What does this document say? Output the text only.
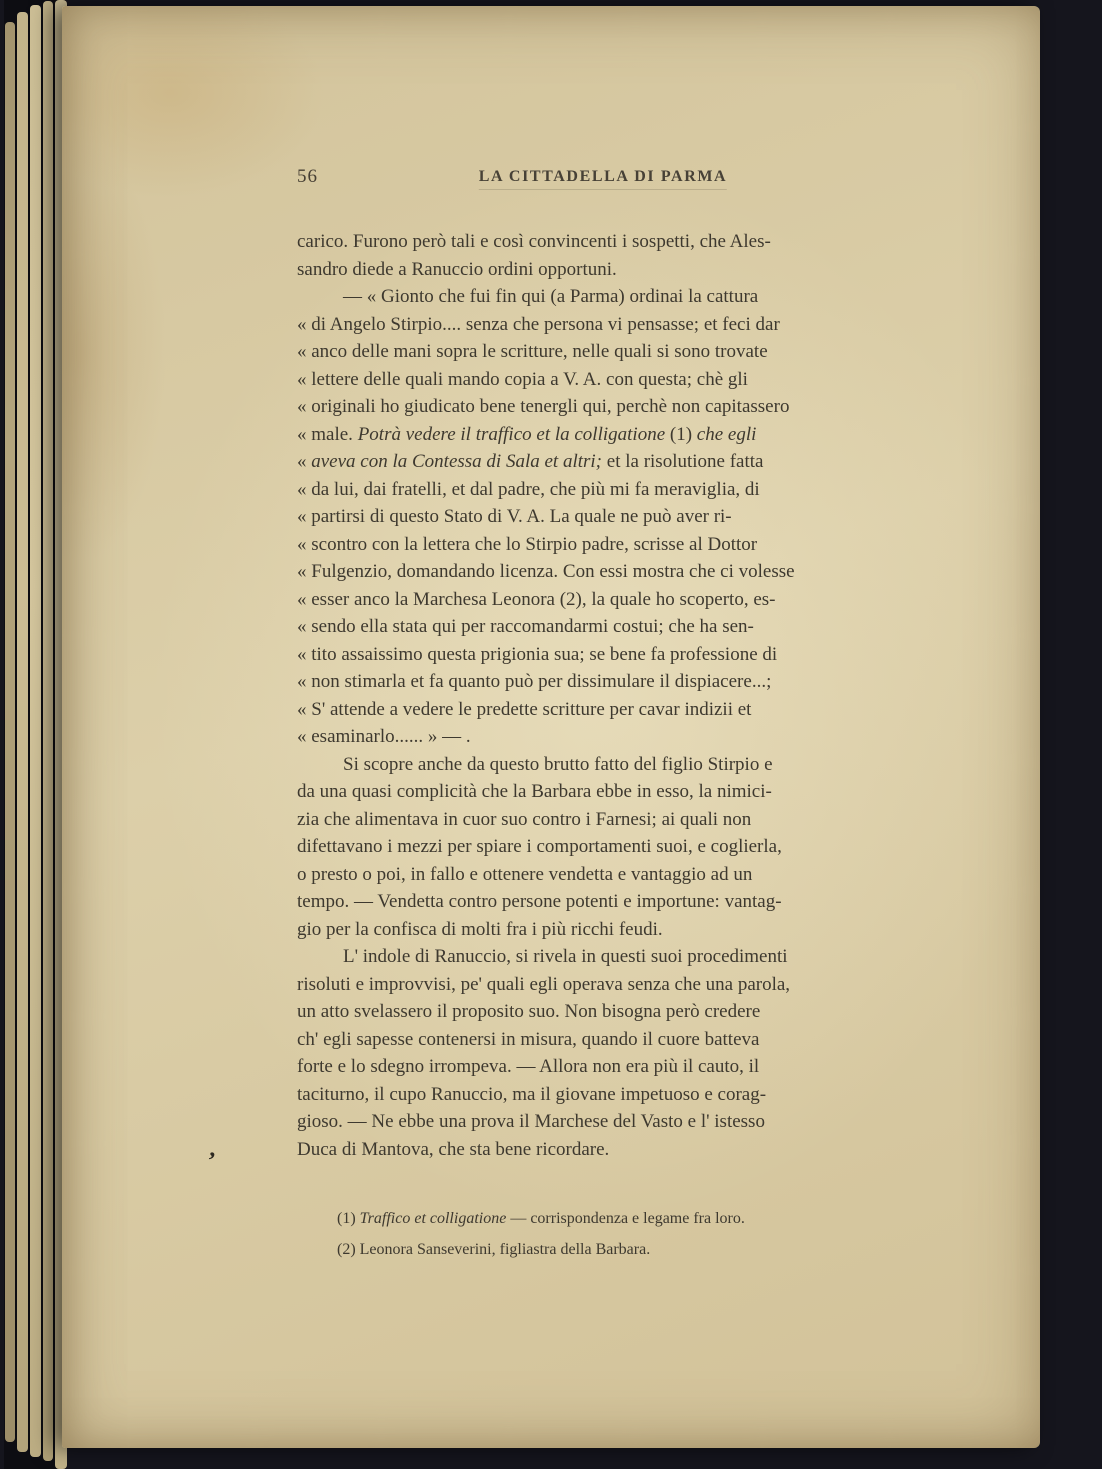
56	LA CITTADELLA DI PARMA
carico. Furono però tali e così convincenti i sospetti, che Ales-
sandro diede a Ranuccio ordini opportuni.
— « Gionto che fui fin qui (a Parma) ordinai la cattura
« di Angelo Stirpio.... senza che persona vi pensasse; et feci dar
« anco delle mani sopra le scritture, nelle quali si sono trovate
« lettere delle quali mando copia a V. A. con questa; chè gli
« originali ho giudicato bene tenergli qui, perchè non capitassero
« male. Potrà vedere il traffico et la colligatione (1) che egli
« aveva con la Contessa di Sala et altri; et la risolutione fatta
« da lui, dai fratelli, et dal padre, che più mi fa meraviglia, di
« partirsi di questo Stato di V. A. La quale ne può aver ri-
« scontro con la lettera che lo Stirpio padre, scrisse al Dottor
« Fulgenzio, domandando licenza. Con essi mostra che ci volesse
« esser anco la Marchesa Leonora (2), la quale ho scoperto, es-
« sendo ella stata qui per raccomandarmi costui; che ha sen-
« tito assaissimo questa prigionia sua; se bene fa professione di
« non stimarla et fa quanto può per dissimulare il dispiacere...;
« S' attende a vedere le predette scritture per cavar indizii et
« esaminarlo...... » — .
Si scopre anche da questo brutto fatto del figlio Stirpio e
da una quasi complicità che la Barbara ebbe in esso, la nimici-
zia che alimentava in cuor suo contro i Farnesi; ai quali non
difettavano i mezzi per spiare i comportamenti suoi, e coglierla,
o presto o poi, in fallo e ottenere vendetta e vantaggio ad un
tempo. — Vendetta contro persone potenti e importune: vantag-
gio per la confisca di molti fra i più ricchi feudi.
L' indole di Ranuccio, si rivela in questi suoi procedimenti
risoluti e improvvisi, pe' quali egli operava senza che una parola,
un atto svelassero il proposito suo. Non bisogna però credere
ch' egli sapesse contenersi in misura, quando il cuore batteva
forte e lo sdegno irrompeva. — Allora non era più il cauto, il
taciturno, il cupo Ranuccio, ma il giovane impetuoso e corag-
gioso. — Ne ebbe una prova il Marchese del Vasto e l' istesso
Duca di Mantova, che sta bene ricordare.
(1) Traffico et colligatione — corrispondenza e legame fra loro.
(2) Leonora Sanseverini, figliastra della Barbara.
,
